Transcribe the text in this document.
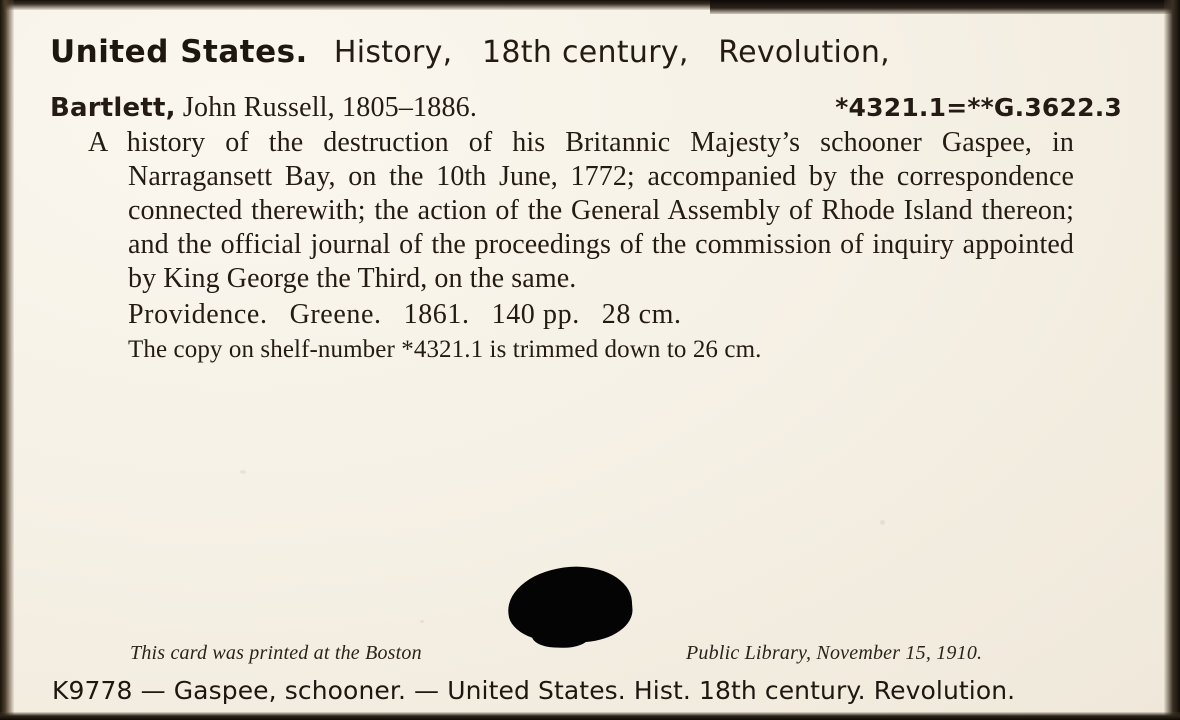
United States. History,   18th century,   Revolution,
Bartlett, John Russell, 1805–1886.	*4321.1=**G.3622.3

A history of the destruction of his Britannic Majesty’s schooner Gaspee, in Narragansett Bay, on the 10th June, 1772; accompanied by the correspondence connected therewith; the action of the General Assembly of Rhode Island thereon; and the official journal of the proceedings of the commission of inquiry appointed by King George the Third, on the same.

Providence. Greene. 1861. 140 pp. 28 cm.
The copy on shelf-number *4321.1 is trimmed down to 26 cm.
This card was printed at the Boston	Public Library, November 15, 1910.
K9778 — Gaspee, schooner. — United States. Hist. 18th century. Revolution.
